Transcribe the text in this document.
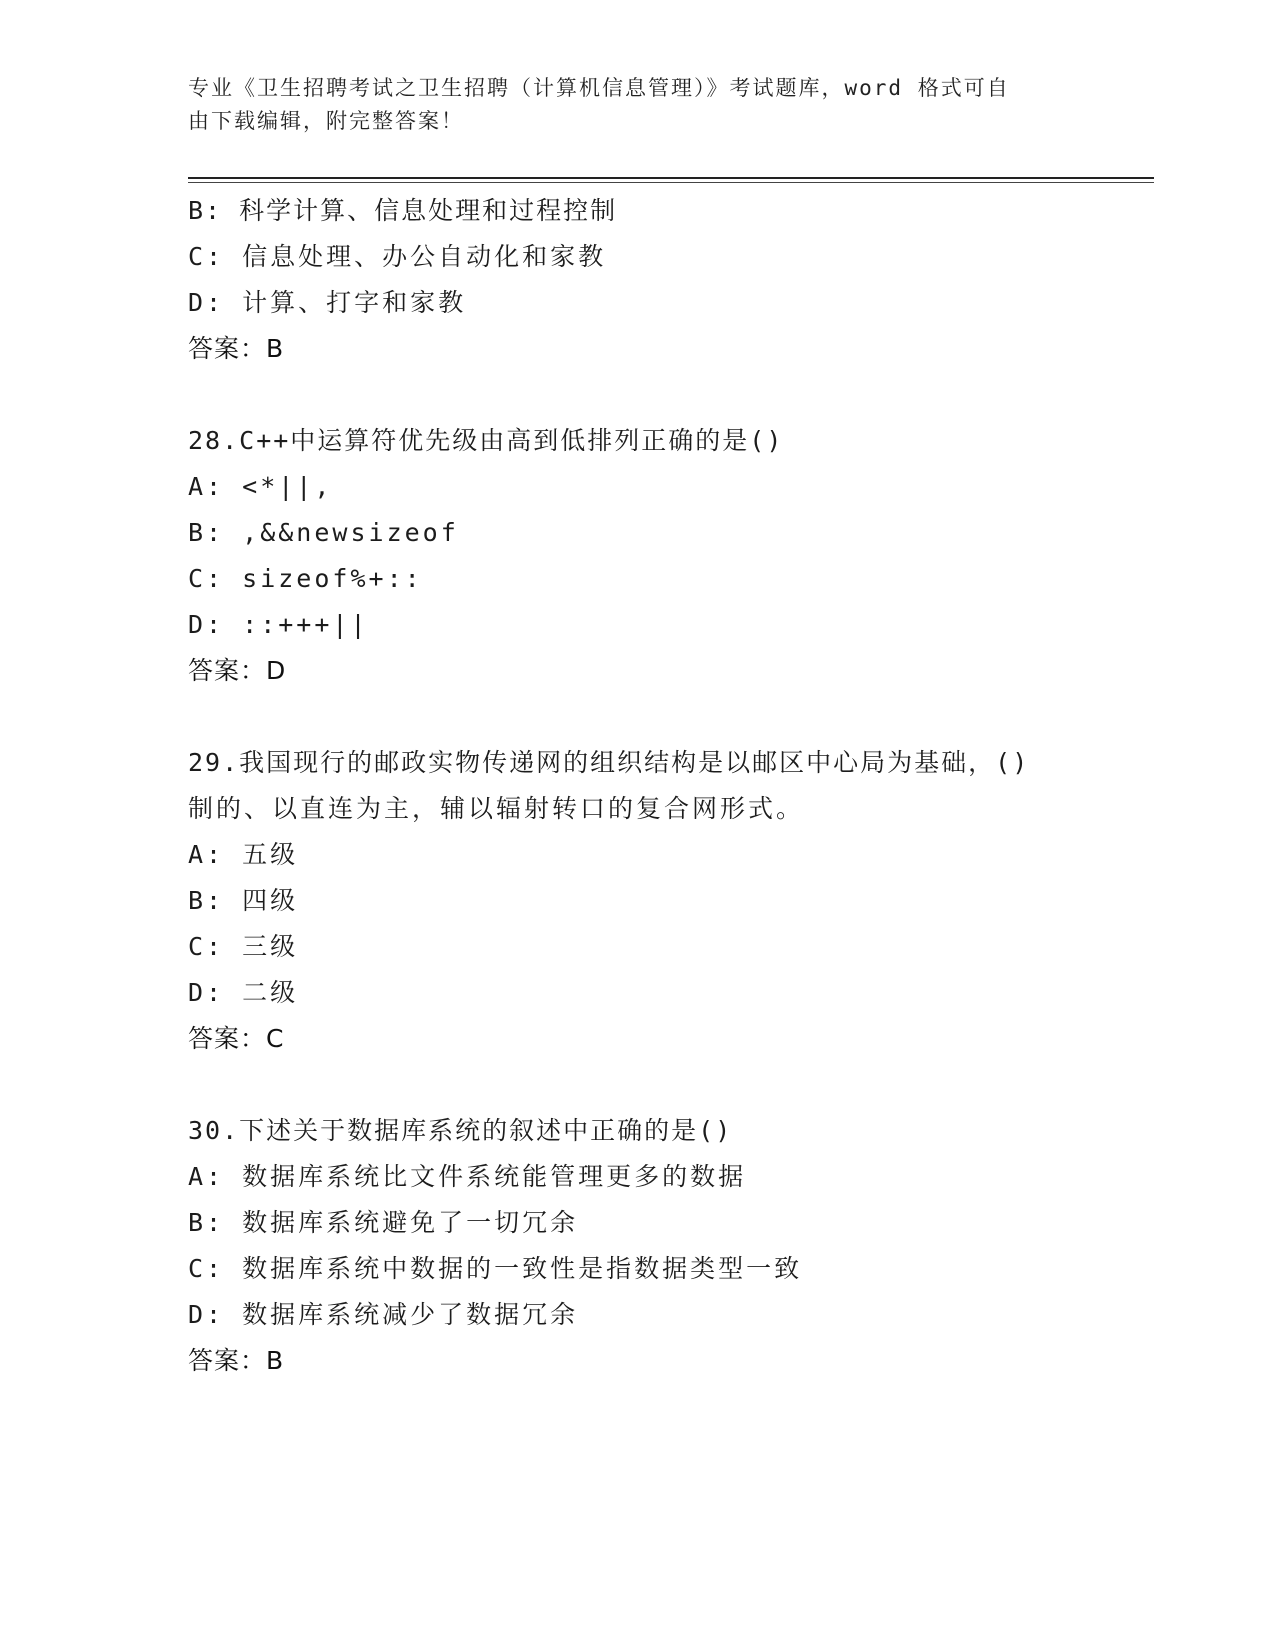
专业《卫生招聘考试之卫生招聘（计算机信息管理）》考试题库，word 格式可自
由下载编辑，附完整答案！
B: 科学计算、信息处理和过程控制
C: 信息处理、办公自动化和家教
D: 计算、打字和家教
答案：B
28.C++中运算符优先级由高到低排列正确的是()
A: <*||,
B: ,&&newsizeof
C: sizeof%+::
D: ::+++||
答案：D
29.我国现行的邮政实物传递网的组织结构是以邮区中心局为基础，()
制的、以直连为主，辅以辐射转口的复合网形式。
A: 五级
B: 四级
C: 三级
D: 二级
答案：C
30.下述关于数据库系统的叙述中正确的是()
A: 数据库系统比文件系统能管理更多的数据
B: 数据库系统避免了一切冗余
C: 数据库系统中数据的一致性是指数据类型一致
D: 数据库系统减少了数据冗余
答案：B
